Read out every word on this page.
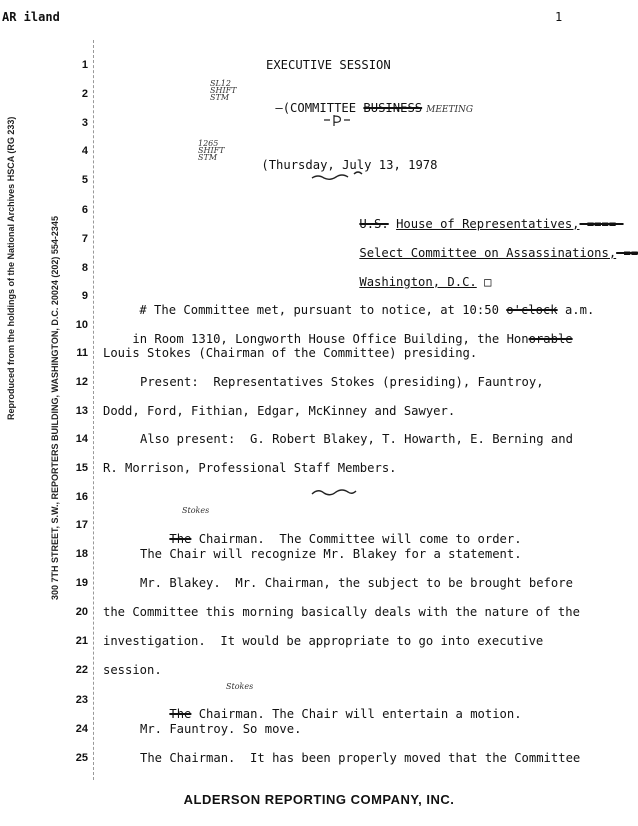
AR iland	1
Reproduced from the holdings of the National Archives HSCA (RG 233)	300 7TH STREET, S.W., REPORTERS BUILDING, WASHINGTON, D.C. 20024 (202) 554-2345
1
2
3
4
5
6
7
8
9
10
11
12
13
14
15
16
17
18
19
20
21
22
23
24
25
EXECUTIVE SESSION
SL12 SHIFT STM

—(COMMITTEE BUSINESS MEETING

1265 SHIFT STM

(Thursday, July 13, 1978

U.S. House of Representatives, ====

Select Committee on Assassinations, ==

Washington, D.C. □

# The Committee met, pursuant to notice, at 10:50 o'clock a.m.

in Room 1310, Longworth House Office Building, the Honorable

Louis Stokes (Chairman of the Committee) presiding.
Present:  Representatives Stokes (presiding), Fauntroy,
Dodd, Ford, Fithian, Edgar, McKinney and Sawyer.
Also present:  G. Robert Blakey, T. Howarth, E. Berning and
R. Morrison, Professional Staff Members.
Stokes

The Chairman.  The Committee will come to order.

The Chair will recognize Mr. Blakey for a statement.
Mr. Blakey.  Mr. Chairman, the subject to be brought before
the Committee this morning basically deals with the nature of the
investigation.  It would be appropriate to go into executive
session.
Stokes

The Chairman. The Chair will entertain a motion.

Mr. Fauntroy. So move.
The Chairman.  It has been properly moved that the Committee
ALDERSON REPORTING COMPANY, INC.
